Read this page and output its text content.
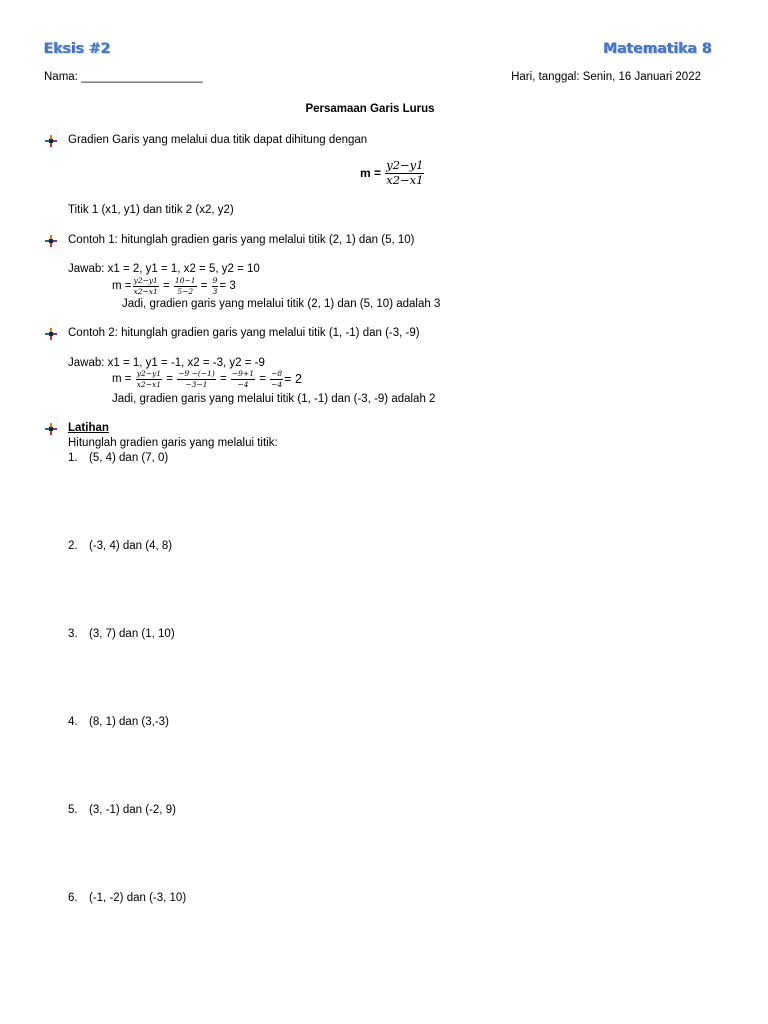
Eksis #2	Matematika 8
Nama: ___________________	Hari, tanggal: Senin, 16 Januari 2022
Persamaan Garis Lurus
Gradien Garis yang melalui dua titik dapat dihitung dengan
m =
$\frac{y2-y1}{x2-x1}$
Titik 1 (x1, y1) dan titik 2 (x2, y2)
Contoh 1: hitunglah gradien garis yang melalui titik (2, 1) dan (5, 10)
Jawab: x1 = 2, y1 = 1, x2 = 5, y2 = 10
$m = \frac{y2-y1}{x2-x1} = \frac{10-1}{5-2} = \frac{9}{3} = 3$
Jadi, gradien garis yang melalui titik (2, 1) dan (5, 10) adalah 3
Contoh 2: hitunglah gradien garis yang melalui titik (1, -1) dan (-3, -9)
Jawab: x1 = 1, y1 = -1, x2 = -3, y2 = -9
m =
$\frac{y2-y1}{x2-x1} = \frac{-9 -(-1)}{-3-1} = \frac{-9+1}{-4} = \frac{-8}{-4} = 2$
Jadi, gradien garis yang melalui titik (1, -1) dan (-3, -9) adalah 2
Latihan
Hitunglah gradien garis yang melalui titik:
1. (5, 4) dan (7, 0)
2. (-3, 4) dan (4, 8)
3. (3, 7) dan (1, 10)
4. (8, 1) dan (3,-3)
5. (3, -1) dan (-2, 9)
6. (-1, -2) dan (-3, 10)
